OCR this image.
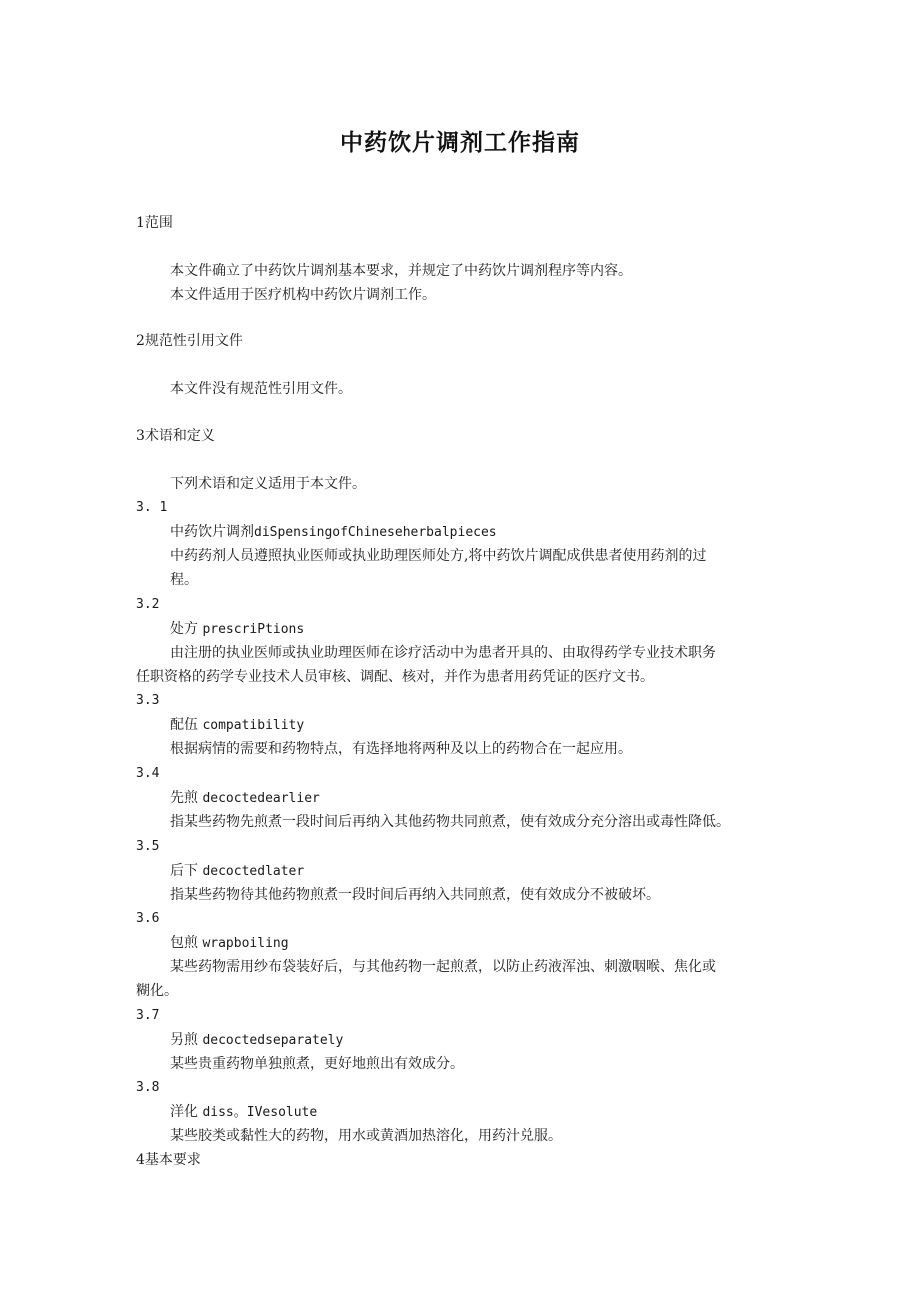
中药饮片调剂工作指南
1范围
本文件确立了中药饮片调剂基本要求，并规定了中药饮片调剂程序等内容。
本文件适用于医疗机构中药饮片调剂工作。
2规范性引用文件
本文件没有规范性引用文件。
3术语和定义
下列术语和定义适用于本文件。
3. 1
中药饮片调剂diSpensingofChineseherbalpieces
中药药剂人员遵照执业医师或执业助理医师处方,将中药饮片调配成供患者使用药剂的过
程。
3.2
处方 prescriPtions
由注册的执业医师或执业助理医师在诊疗活动中为患者开具的、由取得药学专业技术职务
任职资格的药学专业技术人员审核、调配、核对，并作为患者用药凭证的医疗文书。
3.3
配伍 compatibility
根据病情的需要和药物特点，有选择地将两种及以上的药物合在一起应用。
3.4
先煎 decoctedearlier
指某些药物先煎煮一段时间后再纳入其他药物共同煎煮，使有效成分充分溶出或毒性降低。
3.5
后下 decoctedlater
指某些药物待其他药物煎煮一段时间后再纳入共同煎煮，使有效成分不被破坏。
3.6
包煎 wrapboiling
某些药物需用纱布袋装好后，与其他药物一起煎煮，以防止药液浑浊、刺激咽喉、焦化或
糊化。
3.7
另煎 decoctedseparately
某些贵重药物单独煎煮，更好地煎出有效成分。
3.8
洋化 diss。IVesolute
某些胶类或黏性大的药物，用水或黄酒加热溶化，用药汁兑服。
4基本要求
